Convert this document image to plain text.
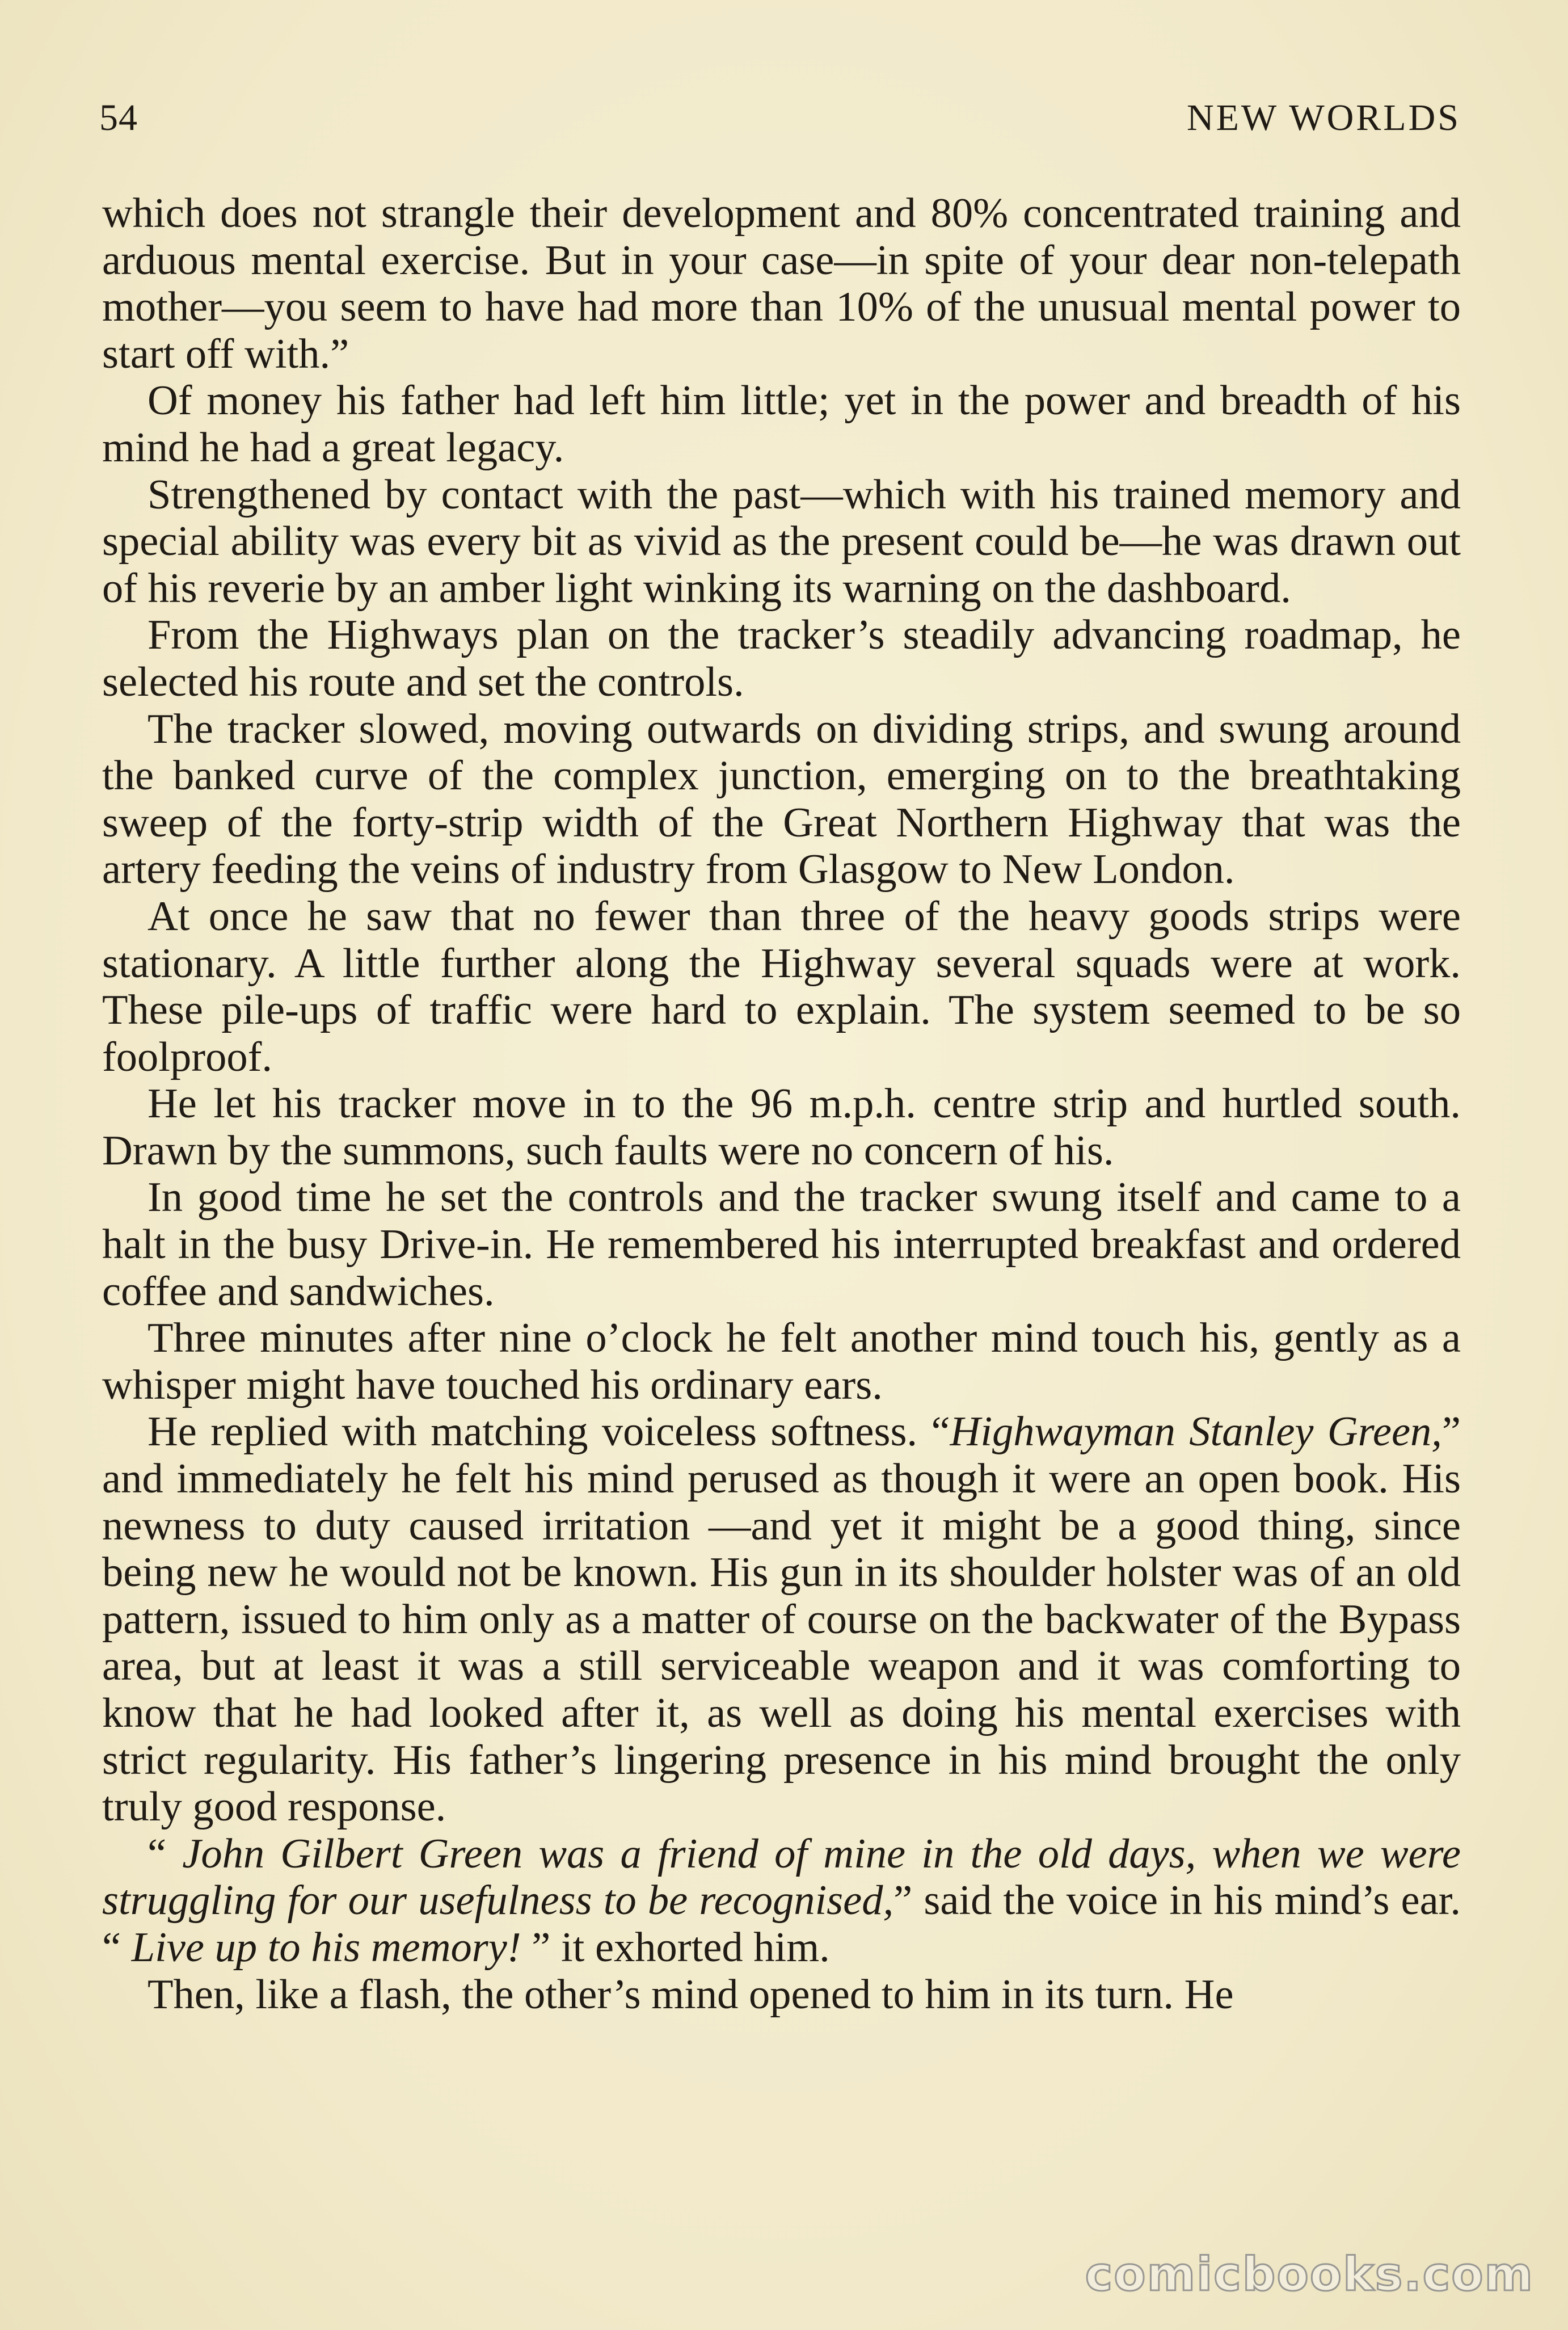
54	NEW WORLDS

which does not strangle their development and 80% concentrated training and arduous mental exercise. But in your case—in spite of your dear non-telepath mother—you seem to have had more than 10% of the unusual mental power to start off with.”

Of money his father had left him little; yet in the power and breadth of his mind he had a great legacy.

Strengthened by contact with the past—which with his trained memory and special ability was every bit as vivid as the present could be—he was drawn out of his reverie by an amber light winking its warning on the dashboard.

From the Highways plan on the tracker’s steadily advancing roadmap, he selected his route and set the controls.

The tracker slowed, moving outwards on dividing strips, and swung around the banked curve of the complex junction, emerging on to the breathtaking sweep of the forty-strip width of the Great Northern Highway that was the artery feeding the veins of industry from Glasgow to New London.

At once he saw that no fewer than three of the heavy goods strips were stationary. A little further along the Highway several squads were at work. These pile-ups of traffic were hard to explain. The system seemed to be so foolproof.

He let his tracker move in to the 96 m.p.h. centre strip and hurtled south. Drawn by the summons, such faults were no concern of his.

In good time he set the controls and the tracker swung itself and came to a halt in the busy Drive-in. He remembered his interrupted breakfast and ordered coffee and sandwiches.

Three minutes after nine o’clock he felt another mind touch his, gently as a whisper might have touched his ordinary ears.

He replied with matching voiceless softness. “Highwayman Stanley Green,” and immediately he felt his mind perused as though it were an open book. His newness to duty caused irritation —and yet it might be a good thing, since being new he would not be known. His gun in its shoulder holster was of an old pattern, issued to him only as a matter of course on the backwater of the Bypass area, but at least it was a still serviceable weapon and it was comforting to know that he had looked after it, as well as doing his mental exercises with strict regularity. His father’s lingering presence in his mind brought the only truly good response.

“ John Gilbert Green was a friend of mine in the old days, when we were struggling for our usefulness to be recognised,” said the voice in his mind’s ear. “ Live up to his memory! ” it exhorted him.

Then, like a flash, the other’s mind opened to him in its turn. He

comicbooks.com
